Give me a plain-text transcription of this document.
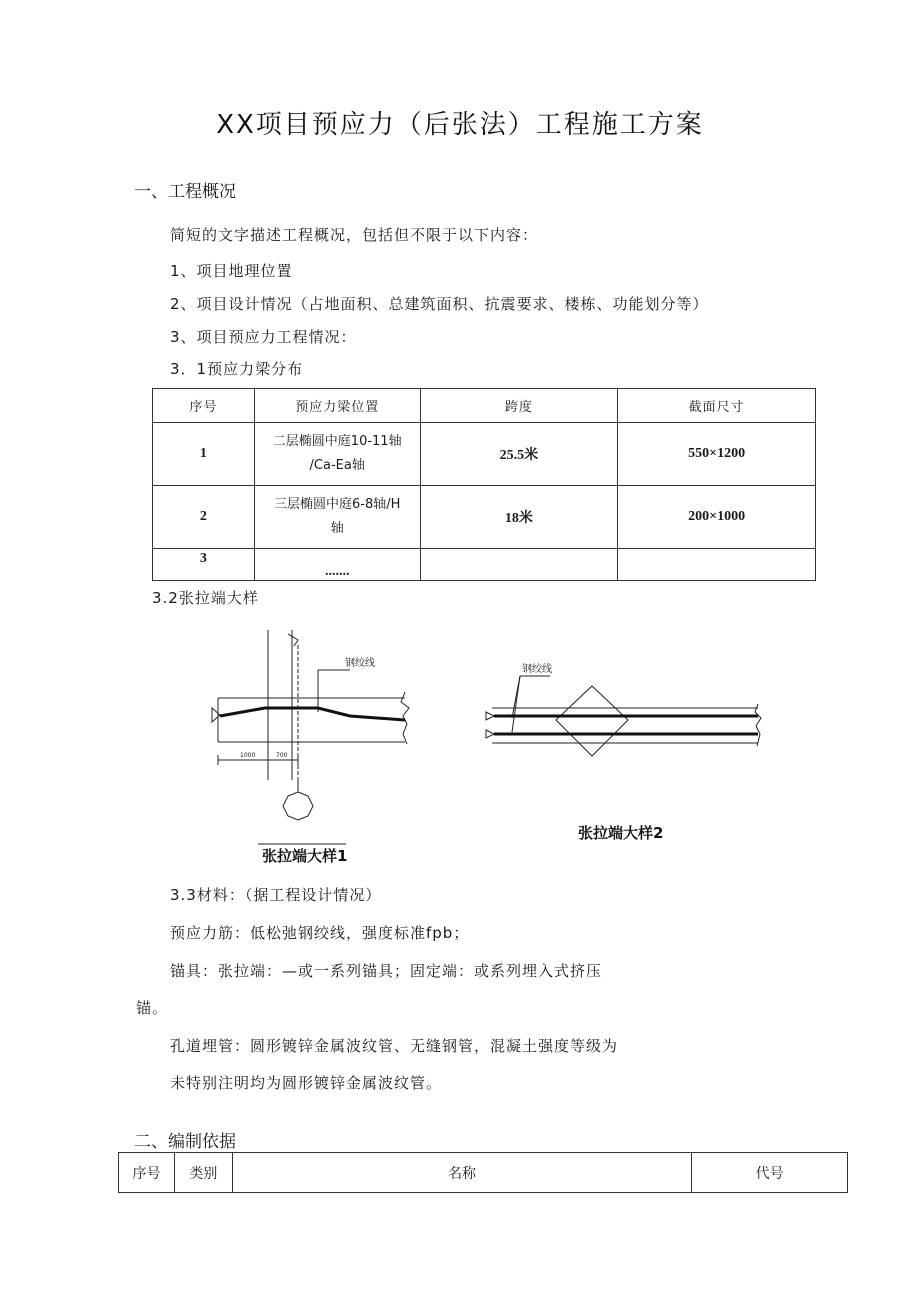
XX项目预应力（后张法）工程施工方案
一、工程概况
简短的文字描述工程概况，包括但不限于以下内容：
1、项目地理位置
2、项目设计情况（占地面积、总建筑面积、抗震要求、楼栋、功能划分等）
3、项目预应力工程情况：
3．1预应力梁分布
序号	预应力梁位置	跨度	截面尺寸
1	二层椭圆中庭10-11轴
/Ca-Ea轴	25.5米	550×1200
2	三层椭圆中庭6-8轴/H
轴	18米	200×1000
3	.......		
3.2张拉端大样
钢绞线
1000	700
张拉端大样1
钢绞线
张拉端大样2
3.3材料：（据工程设计情况）
预应力筋：低松弛钢绞线，强度标准fpb；
锚具：张拉端：—或一系列锚具；固定端：或系列埋入式挤压
锚。
孔道埋管：圆形镀锌金属波纹管、无缝钢管，混凝土强度等级为
未特别注明均为圆形镀锌金属波纹管。
二、编制依据
序号	类别	名称	代号
